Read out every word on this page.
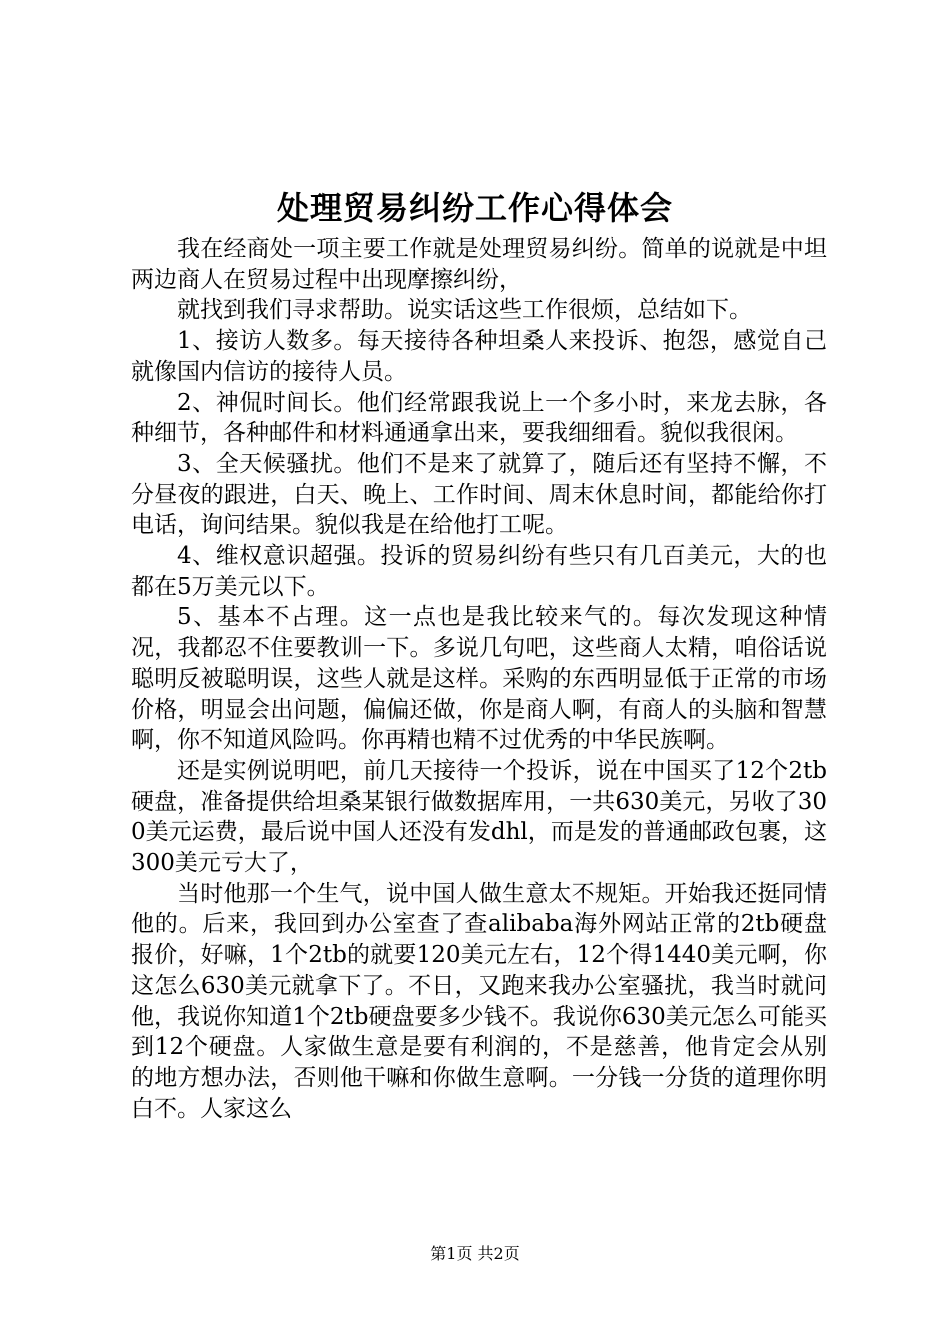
处理贸易纠纷工作心得体会

我在经商处一项主要工作就是处理贸易纠纷。简单的说就是中坦两边商人在贸易过程中出现摩擦纠纷，

就找到我们寻求帮助。说实话这些工作很烦，总结如下。

1、接访人数多。每天接待各种坦桑人来投诉、抱怨，感觉自己就像国内信访的接待人员。

2、神侃时间长。他们经常跟我说上一个多小时，来龙去脉，各种细节，各种邮件和材料通通拿出来，要我细细看。貌似我很闲。

3、全天候骚扰。他们不是来了就算了，随后还有坚持不懈，不分昼夜的跟进，白天、晚上、工作时间、周末休息时间，都能给你打电话，询问结果。貌似我是在给他打工呢。

4、维权意识超强。投诉的贸易纠纷有些只有几百美元，大的也都在5万美元以下。

5、基本不占理。这一点也是我比较来气的。每次发现这种情况，我都忍不住要教训一下。多说几句吧，这些商人太精，咱俗话说聪明反被聪明误，这些人就是这样。采购的东西明显低于正常的市场价格，明显会出问题，偏偏还做，你是商人啊，有商人的头脑和智慧啊，你不知道风险吗。你再精也精不过优秀的中华民族啊。

还是实例说明吧，前几天接待一个投诉，说在中国买了12个2tb硬盘，准备提供给坦桑某银行做数据库用，一共630美元，另收了300美元运费，最后说中国人还没有发dhl，而是发的普通邮政包裹，这300美元亏大了，

当时他那一个生气，说中国人做生意太不规矩。开始我还挺同情他的。后来，我回到办公室查了查alibaba海外网站正常的2tb硬盘报价，好嘛，1个2tb的就要120美元左右，12个得1440美元啊，你这怎么630美元就拿下了。不日，又跑来我办公室骚扰，我当时就问他，我说你知道1个2tb硬盘要多少钱不。我说你630美元怎么可能买到12个硬盘。人家做生意是要有利润的，不是慈善，他肯定会从别的地方想办法，否则他干嘛和你做生意啊。一分钱一分货的道理你明白不。人家这么

第1页 共2页
